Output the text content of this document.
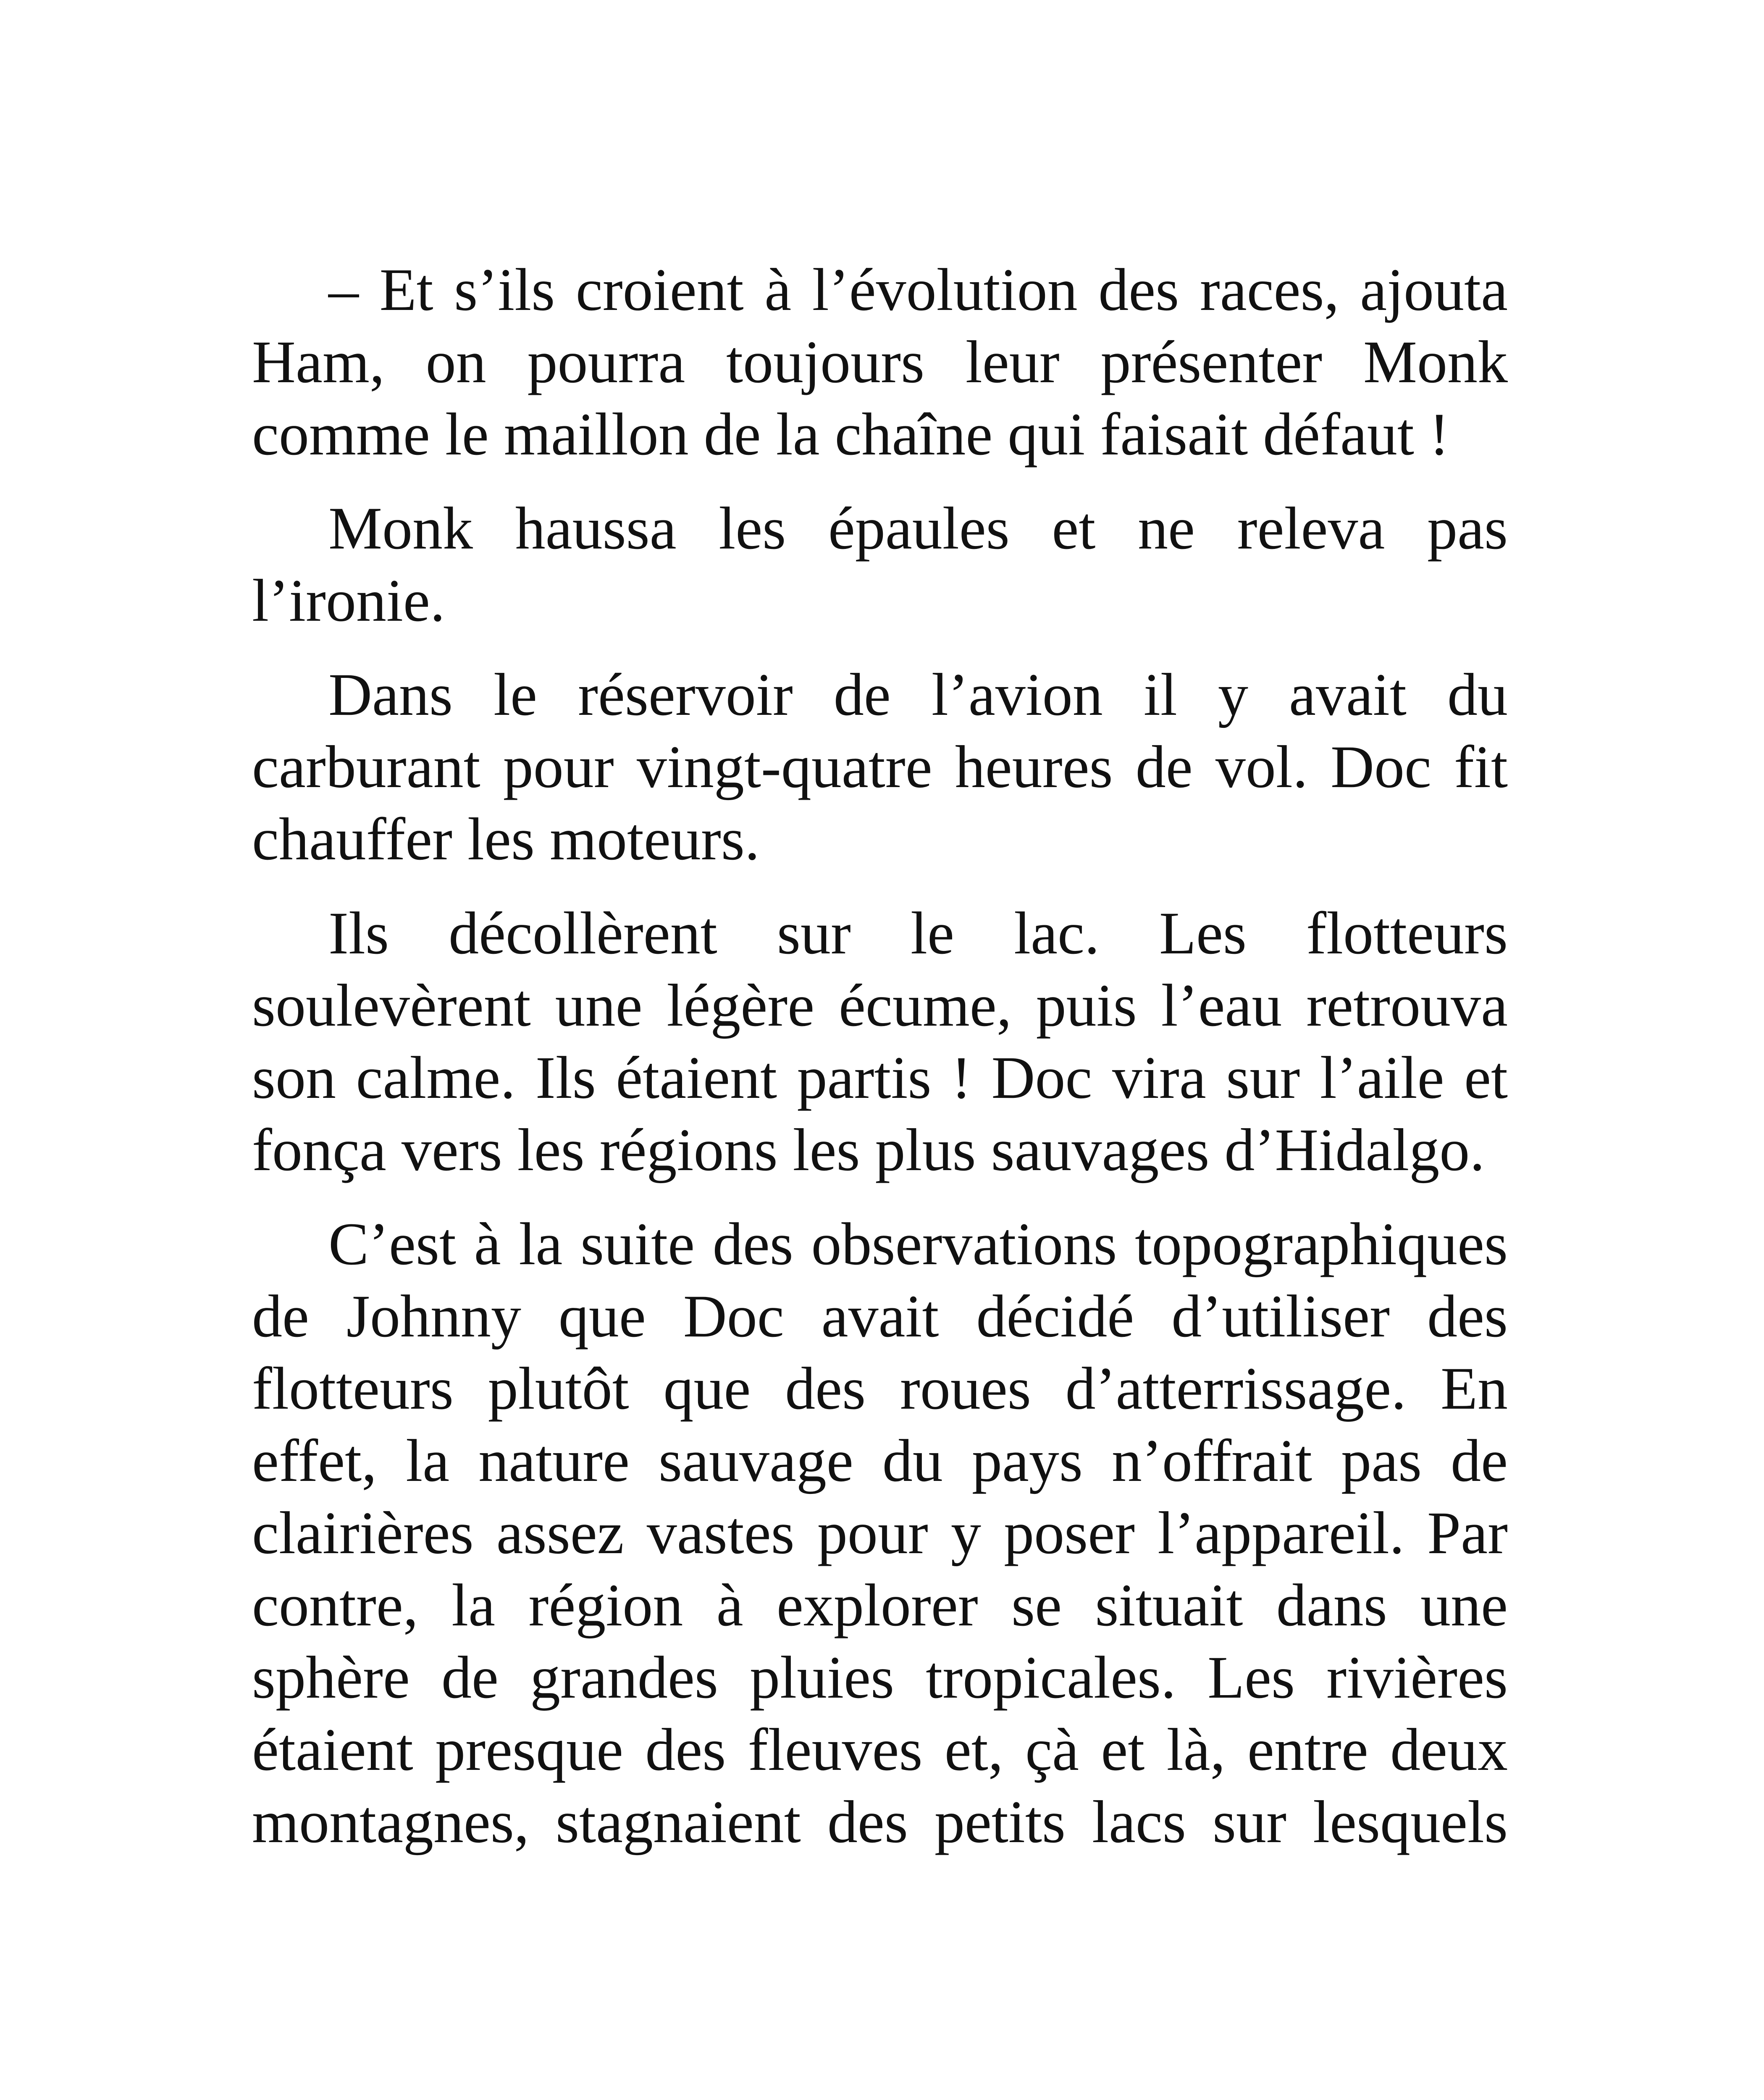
– Et s’ils croient à l’évolution des races, ajouta Ham, on pourra toujours leur présenter Monk comme le maillon de la chaîne qui faisait défaut !

Monk haussa les épaules et ne releva pas l’ironie.

Dans le réservoir de l’avion il y avait du carburant pour vingt-quatre heures de vol. Doc fit chauffer les moteurs.

Ils décollèrent sur le lac. Les flotteurs soulevèrent une légère écume, puis l’eau retrouva son calme. Ils étaient partis ! Doc vira sur l’aile et fonça vers les régions les plus sauvages d’Hidalgo.

C’est à la suite des observations topographiques de Johnny que Doc avait décidé d’utiliser des flotteurs plutôt que des roues d’atterrissage. En effet, la nature sauvage du pays n’offrait pas de clairières assez vastes pour y poser l’appareil. Par contre, la région à explorer se situait dans une sphère de grandes pluies tropicales. Les rivières étaient presque des fleuves et, çà et là, entre deux montagnes, stagnaient des petits lacs sur lesquels
